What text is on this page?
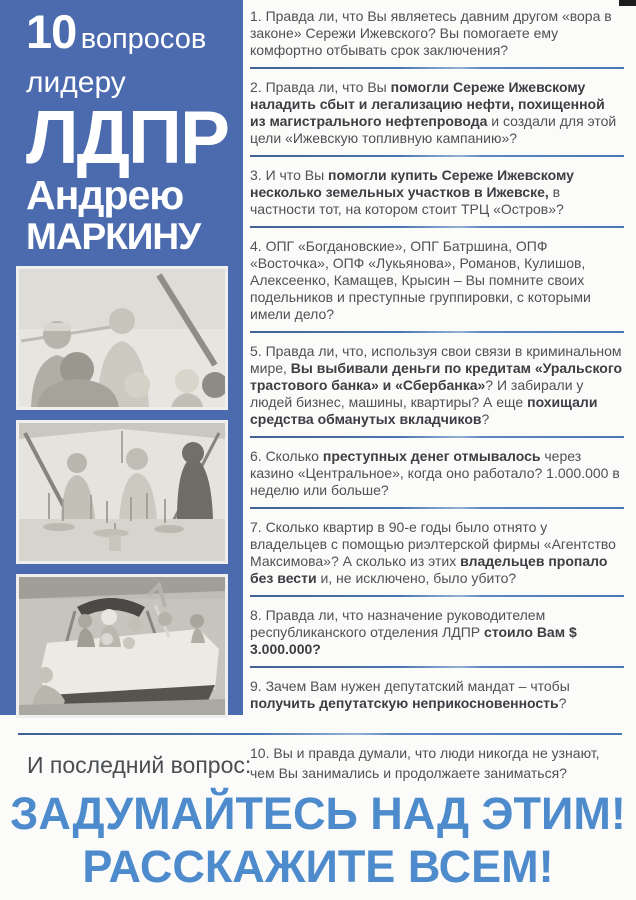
10 вопросов
лидеру
ЛДПР
Андрею
МАРКИНУ
1. Правда ли, что Вы являетесь давним другом «вора в законе» Сережи Ижевского? Вы помогаете ему комфортно отбывать срок заключения?
2. Правда ли, что Вы помогли Сереже Ижевскому наладить сбыт и легализацию нефти, похищенной из магистрального нефтепровода и создали для этой цели «Ижевскую топливную кампанию»?
3. И что Вы помогли купить Сереже Ижевскому несколько земельных участков в Ижевске, в частности тот, на котором стоит ТРЦ «Остров»?
4. ОПГ «Богдановские», ОПГ Батршина, ОПФ «Восточка», ОПФ «Лукьянова», Романов, Кулишов, Алексеенко, Камащев, Крысин – Вы помните своих подельников и преступные группировки, с которыми имели дело?
5. Правда ли, что, используя свои связи в криминальном мире, Вы выбивали деньги по кредитам «Уральского трастового банка» и «Сбербанка»? И забирали у людей бизнес, машины, квартиры? А еще похищали средства обманутых вкладчиков?
6. Сколько преступных денег отмывалось через казино «Центральное», когда оно работало? 1.000.000 в неделю или больше?
7. Сколько квартир в 90-е годы было отнято у владельцев с помощью риэлтерской фирмы «Агентство Максимова»? А сколько из этих владельцев пропало без вести и, не исключено, было убито?
8. Правда ли, что назначение руководителем республиканского отделения ЛДПР стоило Вам $ 3.000.000?
9. Зачем Вам нужен депутатский мандат – чтобы получить депутатскую неприкосновенность?
И последний вопрос:
10. Вы и правда думали, что люди никогда не узнают, чем Вы занимались и продолжаете заниматься?
ЗАДУМАЙТЕСЬ НАД ЭТИМ!
РАССКАЖИТЕ ВСЕМ!
